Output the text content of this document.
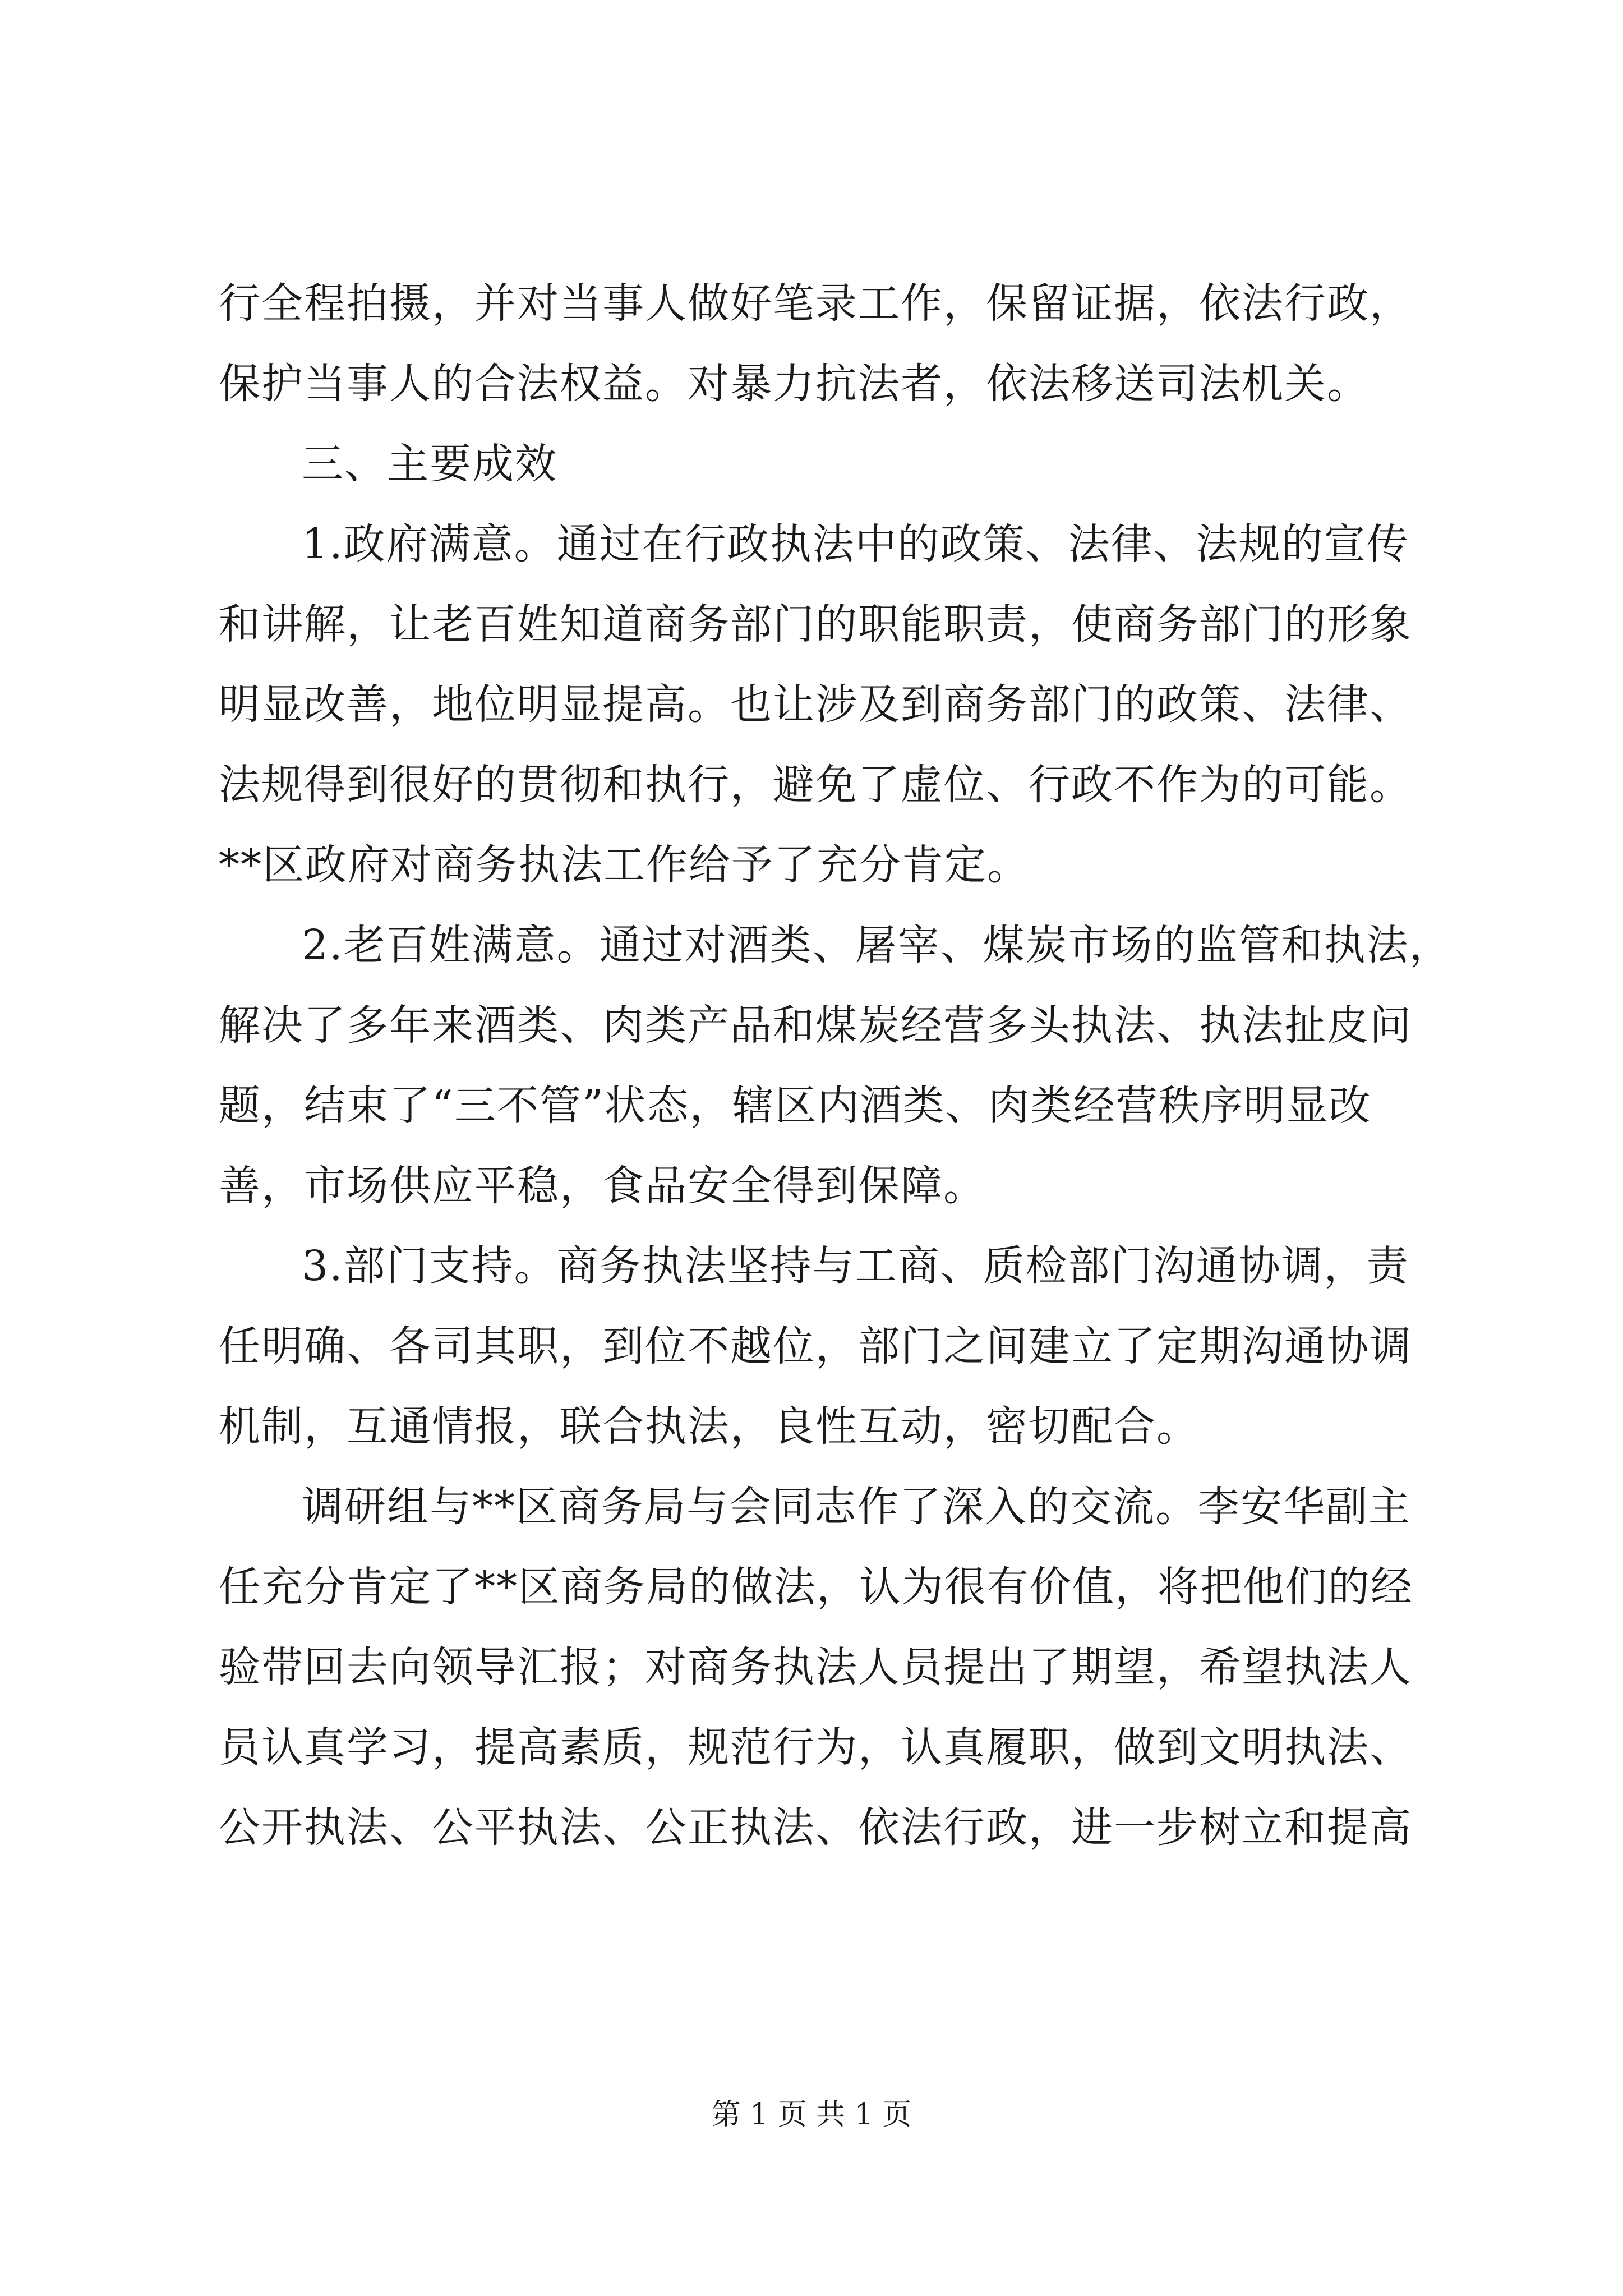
行全程拍摄，并对当事人做好笔录工作，保留证据，依法行政，
保护当事人的合法权益。对暴力抗法者，依法移送司法机关。
三、主要成效
1.政府满意。通过在行政执法中的政策、法律、法规的宣传
和讲解，让老百姓知道商务部门的职能职责，使商务部门的形象
明显改善，地位明显提高。也让涉及到商务部门的政策、法律、
法规得到很好的贯彻和执行，避免了虚位、行政不作为的可能。
**区政府对商务执法工作给予了充分肯定。
2.老百姓满意。通过对酒类、屠宰、煤炭市场的监管和执法，
解决了多年来酒类、肉类产品和煤炭经营多头执法、执法扯皮问
题，结束了“三不管”状态，辖区内酒类、肉类经营秩序明显改
善，市场供应平稳，食品安全得到保障。
3.部门支持。商务执法坚持与工商、质检部门沟通协调，责
任明确、各司其职，到位不越位，部门之间建立了定期沟通协调
机制，互通情报，联合执法，良性互动，密切配合。
调研组与**区商务局与会同志作了深入的交流。李安华副主
任充分肯定了**区商务局的做法，认为很有价值，将把他们的经
验带回去向领导汇报；对商务执法人员提出了期望，希望执法人
员认真学习，提高素质，规范行为，认真履职，做到文明执法、
公开执法、公平执法、公正执法、依法行政，进一步树立和提高
第 1 页 共 1 页
